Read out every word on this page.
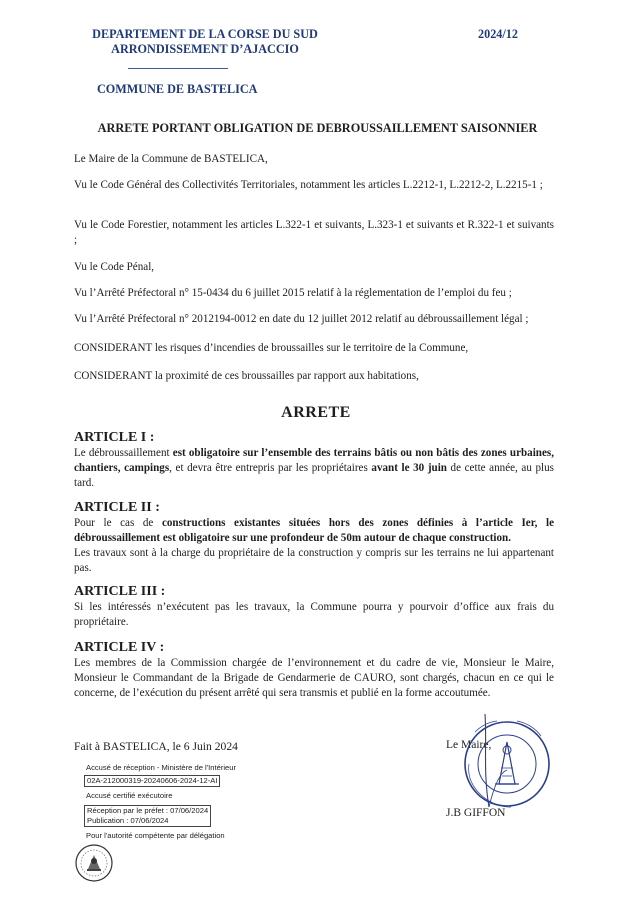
DEPARTEMENT DE LA CORSE DU SUD
ARRONDISSEMENT D’AJACCIO
2024/12
COMMUNE DE BASTELICA
ARRETE PORTANT OBLIGATION DE DEBROUSSAILLEMENT SAISONNIER

Le Maire de la Commune de BASTELICA,

Vu le Code Général des Collectivités Territoriales, notamment les articles L.2212-1, L.2212-2, L.2215-1 ;

Vu le Code Forestier, notamment les articles L.322-1 et suivants, L.323-1 et suivants et R.322-1 et suivants ;

Vu le Code Pénal,

Vu l’Arrêté Préfectoral n° 15-0434 du 6 juillet 2015 relatif à la réglementation de l’emploi du feu ;

Vu l’Arrêté Préfectoral n° 2012194-0012 en date du 12 juillet 2012 relatif au débroussaillement légal ;

CONSIDERANT les risques d’incendies de broussailles sur le territoire de la Commune,

CONSIDERANT la proximité de ces broussailles par rapport aux habitations,

ARRETE
ARTICLE I :

Le débroussaillement est obligatoire sur l’ensemble des terrains bâtis ou non bâtis des zones urbaines, chantiers, campings, et devra être entrepris par les propriétaires avant le 30 juin de cette année, au plus tard.

ARTICLE II :

Pour le cas de constructions existantes situées hors des zones définies à l’article Ier, le débroussaillement est obligatoire sur une profondeur de 50m autour de chaque construction.
Les travaux sont à la charge du propriétaire de la construction y compris sur les terrains ne lui appartenant pas.

ARTICLE III :

Si les intéressés n’exécutent pas les travaux, la Commune pourra y pourvoir d’office aux frais du propriétaire.

ARTICLE IV :

Les membres de la Commission chargée de l’environnement et du cadre de vie, Monsieur le Maire, Monsieur le Commandant de la Brigade de Gendarmerie de CAURO, sont chargés, chacun en ce qui le concerne, de l’exécution du présent arrêté qui sera transmis et publié en la forme accoutumée.

Fait à BASTELICA, le 6 Juin 2024
Accusé de réception - Ministère de l'Intérieur
02A-212000319-20240606-2024-12-AI
Accusé certifié exécutoire
Réception par le préfet : 07/06/2024
Publication : 07/06/2024
Pour l'autorité compétente par délégation
Le Maire,
J.B GIFFON
